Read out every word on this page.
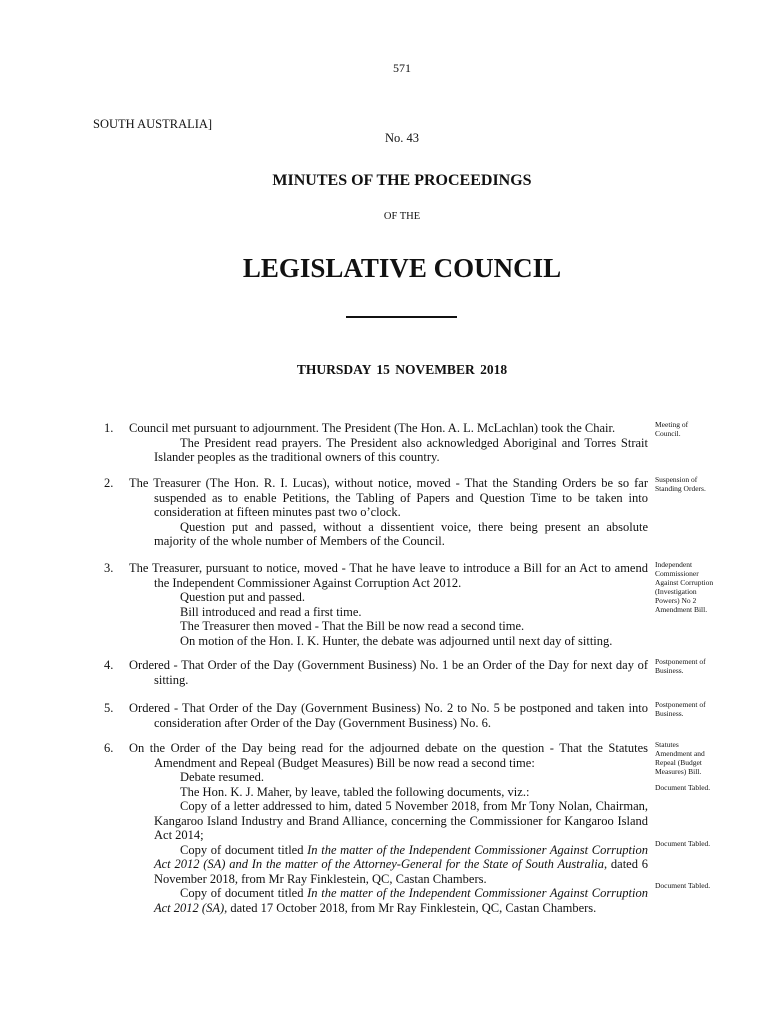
571
SOUTH AUSTRALIA]
No. 43
MINUTES OF THE PROCEEDINGS
OF THE
LEGISLATIVE COUNCIL
THURSDAY 15 NOVEMBER 2018
1. Council met pursuant to adjournment. The President (The Hon. A. L. McLachlan) took the Chair.

The President read prayers. The President also acknowledged Aboriginal and Torres Strait Islander peoples as the traditional owners of this country.

Meeting of
Council.
2. The Treasurer (The Hon. R. I. Lucas), without notice, moved - That the Standing Orders be so far suspended as to enable Petitions, the Tabling of Papers and Question Time to be taken into consideration at fifteen minutes past two o’clock.

Question put and passed, without a dissentient voice, there being present an absolute majority of the whole number of Members of the Council.

Suspension of
Standing Orders.
3. The Treasurer, pursuant to notice, moved - That he have leave to introduce a Bill for an Act to amend the Independent Commissioner Against Corruption Act 2012.

Question put and passed.

Bill introduced and read a first time.

The Treasurer then moved - That the Bill be now read a second time.

On motion of the Hon. I. K. Hunter, the debate was adjourned until next day of sitting.

Independent
Commissioner
Against Corruption
(Investigation
Powers) No 2
Amendment Bill.
4. Ordered - That Order of the Day (Government Business) No. 1 be an Order of the Day for next day of sitting.

Postponement of
Business.
5. Ordered - That Order of the Day (Government Business) No. 2 to No. 5 be postponed and taken into consideration after Order of the Day (Government Business) No. 6.

Postponement of
Business.
6. On the Order of the Day being read for the adjourned debate on the question - That the Statutes Amendment and Repeal (Budget Measures) Bill be now read a second time:

Debate resumed.

The Hon. K. J. Maher, by leave, tabled the following documents, viz.:

Copy of a letter addressed to him, dated 5 November 2018, from Mr Tony Nolan, Chairman, Kangaroo Island Industry and Brand Alliance, concerning the Commissioner for Kangaroo Island Act 2014;

Copy of document titled In the matter of the Independent Commissioner Against Corruption Act 2012 (SA) and In the matter of the Attorney-General for the State of South Australia, dated 6 November 2018, from Mr Ray Finklestein, QC, Castan Chambers.

Copy of document titled In the matter of the Independent Commissioner Against Corruption Act 2012 (SA), dated 17 October 2018, from Mr Ray Finklestein, QC, Castan Chambers.

Statutes
Amendment and
Repeal (Budget
Measures) Bill.
Document Tabled.
Document Tabled.
Document Tabled.
